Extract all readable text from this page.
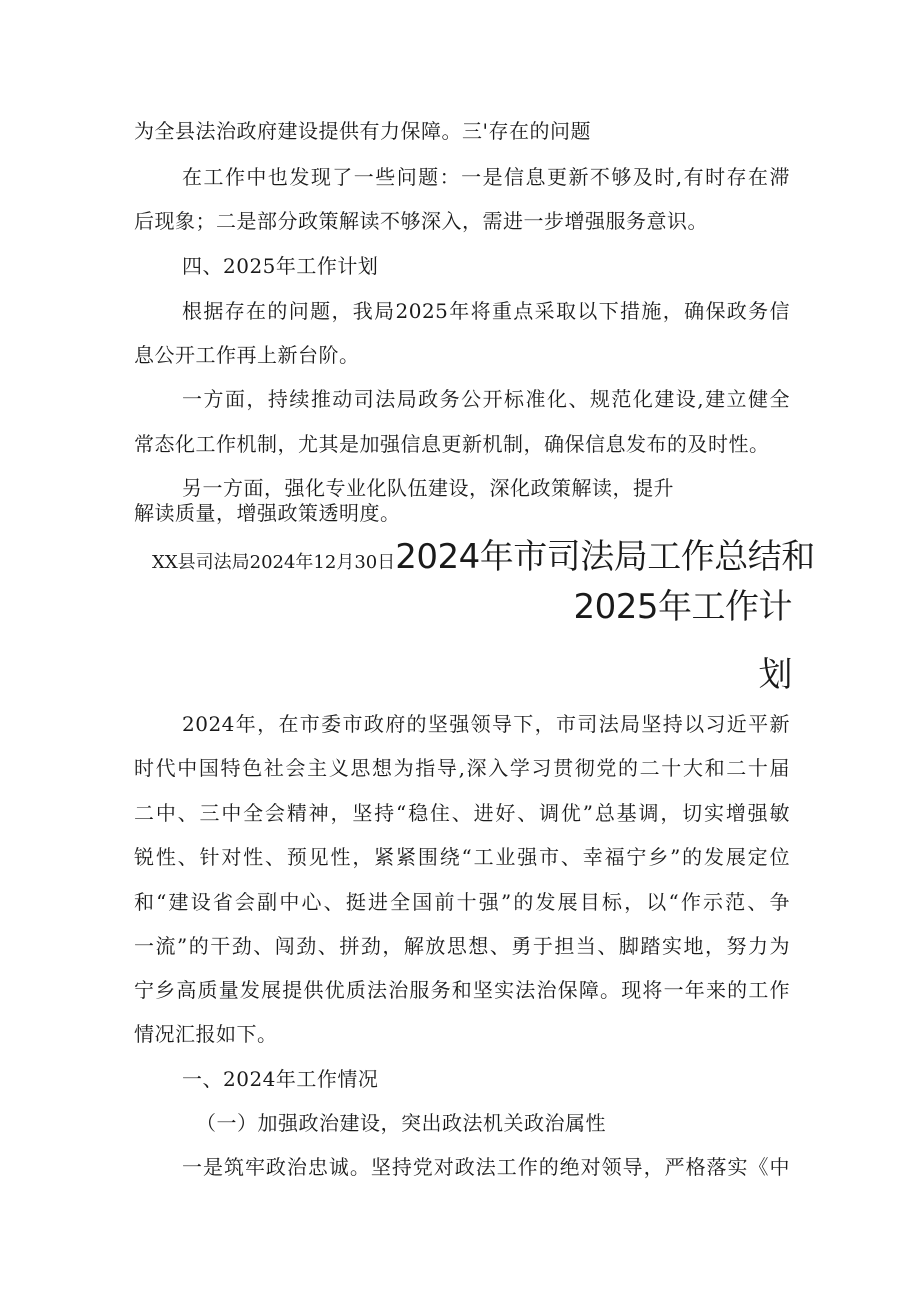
为全县法治政府建设提供有力保障。三'存在的问题
在工作中也发现了一些问题：一是信息更新不够及时,有时存在滞
后现象；二是部分政策解读不够深入，需进一步增强服务意识。
四、2025年工作计划
根据存在的问题，我局2025年将重点采取以下措施，确保政务信
息公开工作再上新台阶。
一方面，持续推动司法局政务公开标准化、规范化建设,建立健全
常态化工作机制，尤其是加强信息更新机制，确保信息发布的及时性。
另一方面，强化专业化队伍建设，深化政策解读，提升
解读质量，增强政策透明度。
XX县司法局2024年12月30日2024年市司法局工作总结和
2025年工作计
划
2024年，在市委市政府的坚强领导下，市司法局坚持以习近平新
时代中国特色社会主义思想为指导,深入学习贯彻党的二十大和二十届
二中、三中全会精神，坚持“稳住、进好、调优”总基调，切实增强敏
锐性、针对性、预见性，紧紧围绕“工业强市、幸福宁乡”的发展定位
和“建设省会副中心、挺进全国前十强”的发展目标，以“作示范、争
一流”的干劲、闯劲、拼劲，解放思想、勇于担当、脚踏实地，努力为
宁乡高质量发展提供优质法治服务和坚实法治保障。现将一年来的工作
情况汇报如下。
一、2024年工作情况
（一）加强政治建设，突出政法机关政治属性
一是筑牢政治忠诚。坚持党对政法工作的绝对领导，严格落实《中
